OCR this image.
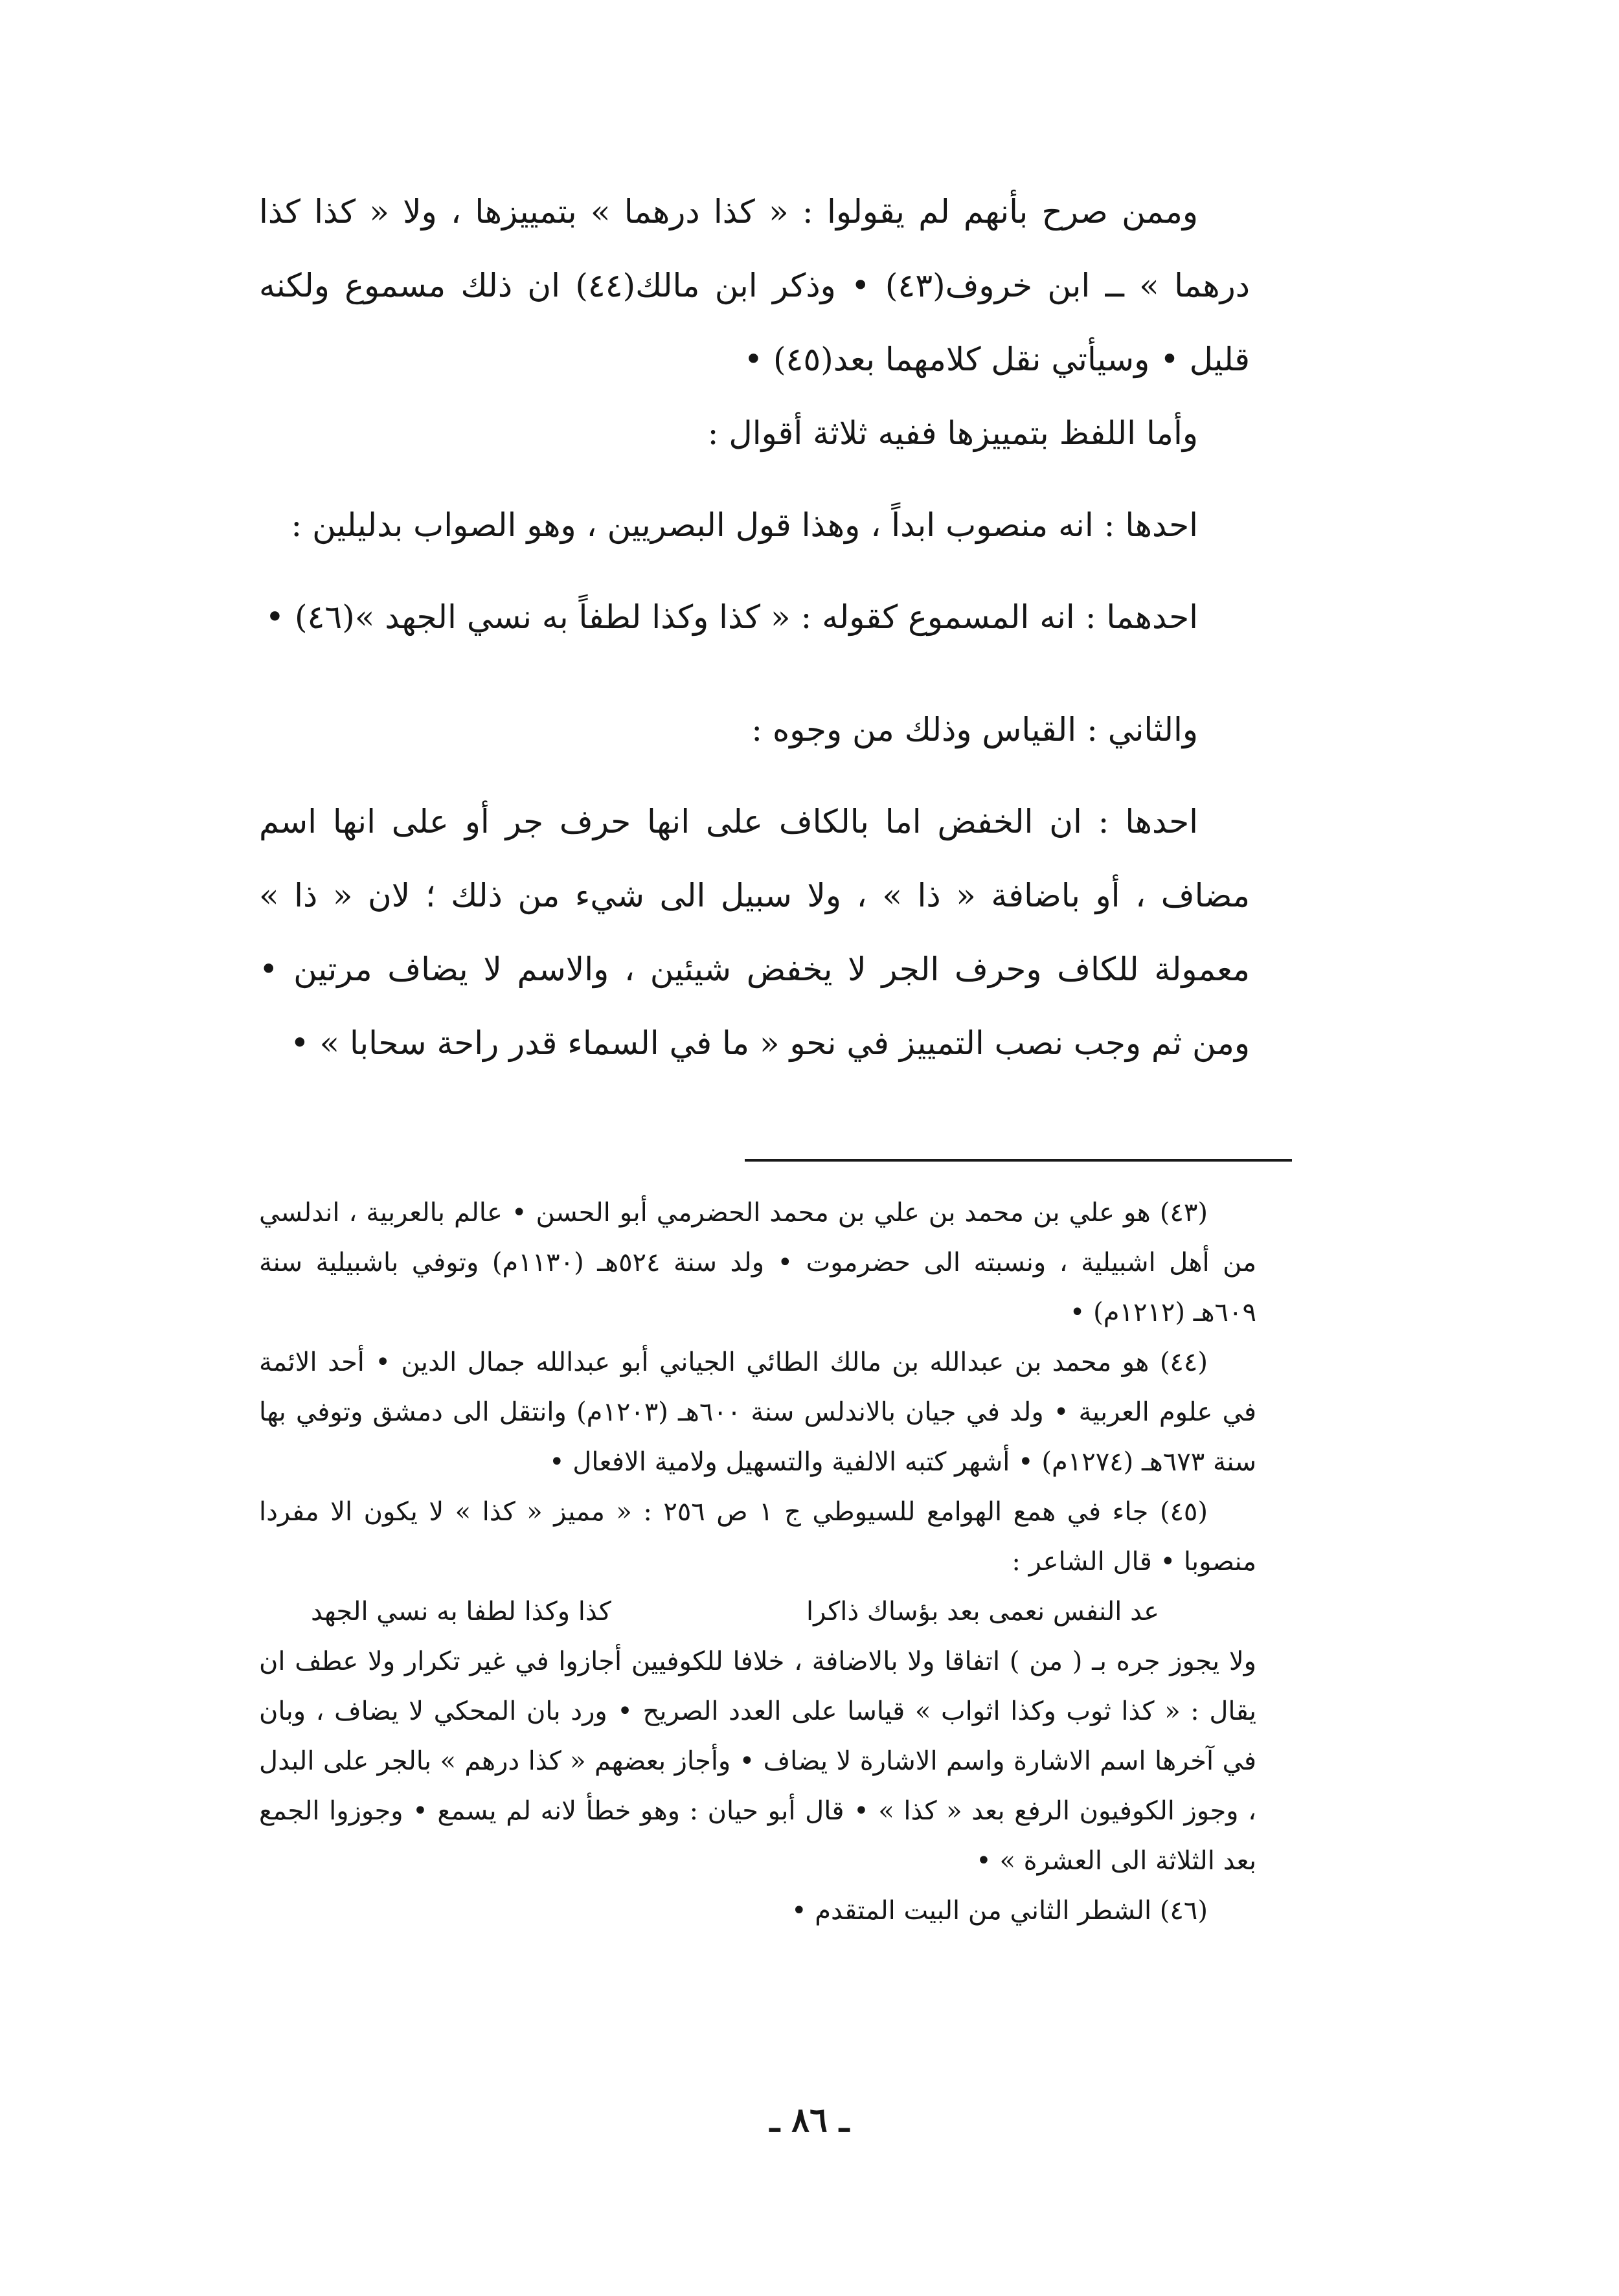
وممن صرح بأنهم لم يقولوا : « كذا درهما » بتمييزها ، ولا « كذا كذا درهما » ــ ابن خروف(٤٣) • وذكر ابن مالك(٤٤) ان ذلك مسموع ولكنه قليل • وسيأتي نقل كلامهما بعد(٤٥) •

وأما اللفظ بتمييزها ففيه ثلاثة أقوال :

احدها : انه منصوب ابداً ، وهذا قول البصريين ، وهو الصواب بدليلين :

احدهما : انه المسموع كقوله : « كذا وكذا لطفاً به نسي الجهد »(٤٦) •

والثاني : القياس وذلك من وجوه :

احدها : ان الخفض اما بالكاف على انها حرف جر أو على انها اسم مضاف ، أو باضافة « ذا » ، ولا سبيل الى شيء من ذلك ؛ لان « ذا » معمولة للكاف وحرف الجر لا يخفض شيئين ، والاسم لا يضاف مرتين • ومن ثم وجب نصب التمييز في نحو « ما في السماء قدر راحة سحابا » •

(٤٣) هو علي بن محمد بن علي بن محمد الحضرمي أبو الحسن • عالم بالعربية ، اندلسي من أهل اشبيلية ، ونسبته الى حضرموت • ولد سنة ٥٢٤هـ (١١٣٠م) وتوفي باشبيلية سنة ٦٠٩هـ (١٢١٢م) •

(٤٤) هو محمد بن عبدالله بن مالك الطائي الجياني أبو عبدالله جمال الدين • أحد الائمة في علوم العربية • ولد في جيان بالاندلس سنة ٦٠٠هـ (١٢٠٣م) وانتقل الى دمشق وتوفي بها سنة ٦٧٣هـ (١٢٧٤م) • أشهر كتبه الالفية والتسهيل ولامية الافعال •

(٤٥) جاء في همع الهوامع للسيوطي ج ١ ص ٢٥٦ : « مميز « كذا » لا يكون الا مفردا منصوبا • قال الشاعر :

عد النفس نعمى بعد بؤساك ذاكرا
كذا وكذا لطفا به نسي الجهد

ولا يجوز جره بـ ( من ) اتفاقا ولا بالاضافة ، خلافا للكوفيين أجازوا في غير تكرار ولا عطف ان يقال : « كذا ثوب وكذا اثواب » قياسا على العدد الصريح • ورد بان المحكي لا يضاف ، وبان في آخرها اسم الاشارة واسم الاشارة لا يضاف • وأجاز بعضهم « كذا درهم » بالجر على البدل ، وجوز الكوفيون الرفع بعد « كذا » • قال أبو حيان : وهو خطأ لانه لم يسمع • وجوزوا الجمع بعد الثلاثة الى العشرة » •

(٤٦) الشطر الثاني من البيت المتقدم •

ـ ٨٦ ـ
